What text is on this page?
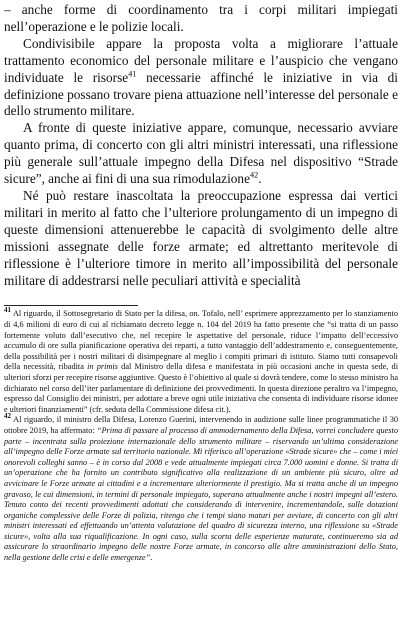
– anche forme di coordinamento tra i corpi militari impiegati nell’operazione e le polizie locali.

Condivisibile appare la proposta volta a migliorare l’attuale trattamento economico del personale militare e l’auspicio che vengano individuate le risorse$^{41}$ necessarie affinché le iniziative in via di definizione possano trovare piena attuazione nell’interesse del personale e dello strumento militare.

A fronte di queste iniziative appare, comunque, necessario avviare quanto prima, di concerto con gli altri ministri interessati, una riflessione più generale sull’attuale impegno della Difesa nel dispositivo “Strade sicure”, anche ai fini di una sua rimodulazione$^{42}$.

Né può restare inascoltata la preoccupazione espressa dai vertici militari in merito al fatto che l’ulteriore prolungamento di un impegno di queste dimensioni attenuerebbe le capacità di svolgimento delle altre missioni assegnate delle forze armate; ed altrettanto meritevole di riflessione è l’ulteriore timore in merito all’impossibilità del personale militare di addestrarsi nelle peculiari attività e specialità

$^{41}$ Al riguardo, il Sottosegretario di Stato per la difesa, on. Tofalo, nell’ esprimere apprezzamento per lo stanziamento di 4,6 milioni di euro di cui al richiamato decreto legge n. 104 del 2019 ha fatto presente che “si tratta di un passo fortemente voluto dall’esecutivo che, nel recepire le aspettative del personale, riduce l’impatto dell’eccessivo accumulo di ore sulla pianificazione operativa dei reparti, a tutto vantaggio dell’addestramento e, conseguentemente, della possibilità per i nostri militari di disimpegnare al meglio i compiti primari di istituto. Siamo tutti consapevoli della necessità, ribadita in primis dal Ministro della difesa e manifestata in più occasioni anche in questa sede, di ulteriori sforzi per recepire risorse aggiuntive. Questo è l’obiettivo al quale si dovrà tendere, come lo stesso ministro ha dichiarato nel corso dell’iter parlamentare di definizione dei provvedimenti. In questa direzione peraltro va l’impegno, espresso dal Consiglio dei ministri, per adottare a breve ogni utile iniziativa che consenta di individuare risorse idonee e ulteriori finanziamenti” (cfr. seduta della Commissione difesa cit.).

$^{42}$ Al riguardo, il ministro della Difesa, Lorenzo Guerini, intervenendo in audizione sulle linee programmatiche il 30 ottobre 2019, ha affermato: “Prima di passare al processo di ammodernamento della Difesa, vorrei concludere questo parte – incentrata sulla proiezione internazionale dello strumento militare – riservando un’ultima considerazione all’impegno delle Forze armate sul territorio nazionale. Mi riferisco all’operazione «Strade sicure» che – come i miei onorevoli colleghi sanno – è in corso dal 2008 e vede attualmente impiegati circa 7.000 uomini e donne. Si tratta di un’operazione che ha fornito un contributo significativo alla realizzazione di un ambiente più sicuro, oltre ad avvicinare le Forze armate ai cittadini e a incrementare ulteriormente il prestigio. Ma si tratta anche di un impegno gravoso, le cui dimensioni, in termini di personale impiegato, superano attualmente anche i nostri impegni all’estero. Tenuto conto dei recenti provvedimenti adottati che considerando di intervenire, incrementandole, sulle dotazioni organiche complessive delle Forze di polizia, ritengo che i tempi siano maturi per avviare, di concerto con gli altri ministri interessati ed effettuando un’attenta valutazione del quadro di sicurezza interno, una riflessione su «Strade sicure», volta alla sua riqualificazione. In ogni caso, sulla scorta delle esperienze maturate, continueremo sia ad assicurare lo straordinario impegno delle nostre Forze armate, in concorso alle altre amministrazioni dello Stato, nella gestione delle crisi e delle emergenze”.
